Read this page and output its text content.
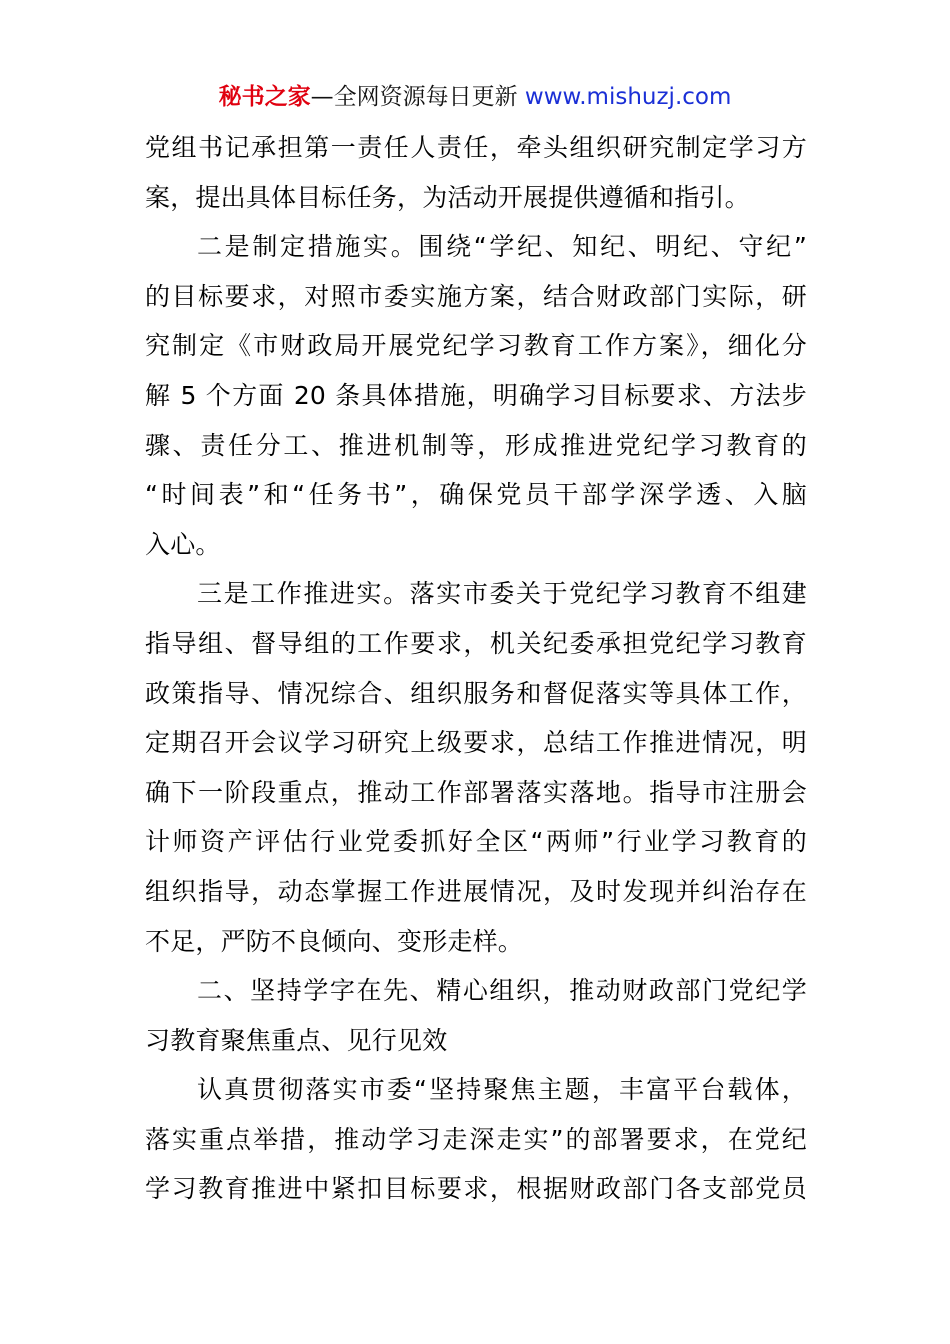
秘书之家—全网资源每日更新 www.mishuzj.com
党组书记承担第一责任人责任，牵头组织研究制定学习方
案，提出具体目标任务，为活动开展提供遵循和指引。
二是制定措施实。围绕“学纪、知纪、明纪、守纪”
的目标要求，对照市委实施方案，结合财政部门实际，研
究制定《市财政局开展党纪学习教育工作方案》，细化分
解 5 个方面 20 条具体措施，明确学习目标要求、方法步
骤、责任分工、推进机制等，形成推进党纪学习教育的
“时间表”和“任务书”，确保党员干部学深学透、入脑
入心。
三是工作推进实。落实市委关于党纪学习教育不组建
指导组、督导组的工作要求，机关纪委承担党纪学习教育
政策指导、情况综合、组织服务和督促落实等具体工作，
定期召开会议学习研究上级要求，总结工作推进情况，明
确下一阶段重点，推动工作部署落实落地。指导市注册会
计师资产评估行业党委抓好全区“两师”行业学习教育的
组织指导，动态掌握工作进展情况，及时发现并纠治存在
不足，严防不良倾向、变形走样。
二、坚持学字在先、精心组织，推动财政部门党纪学
习教育聚焦重点、见行见效
认真贯彻落实市委“坚持聚焦主题，丰富平台载体，
落实重点举措，推动学习走深走实”的部署要求，在党纪
学习教育推进中紧扣目标要求，根据财政部门各支部党员
